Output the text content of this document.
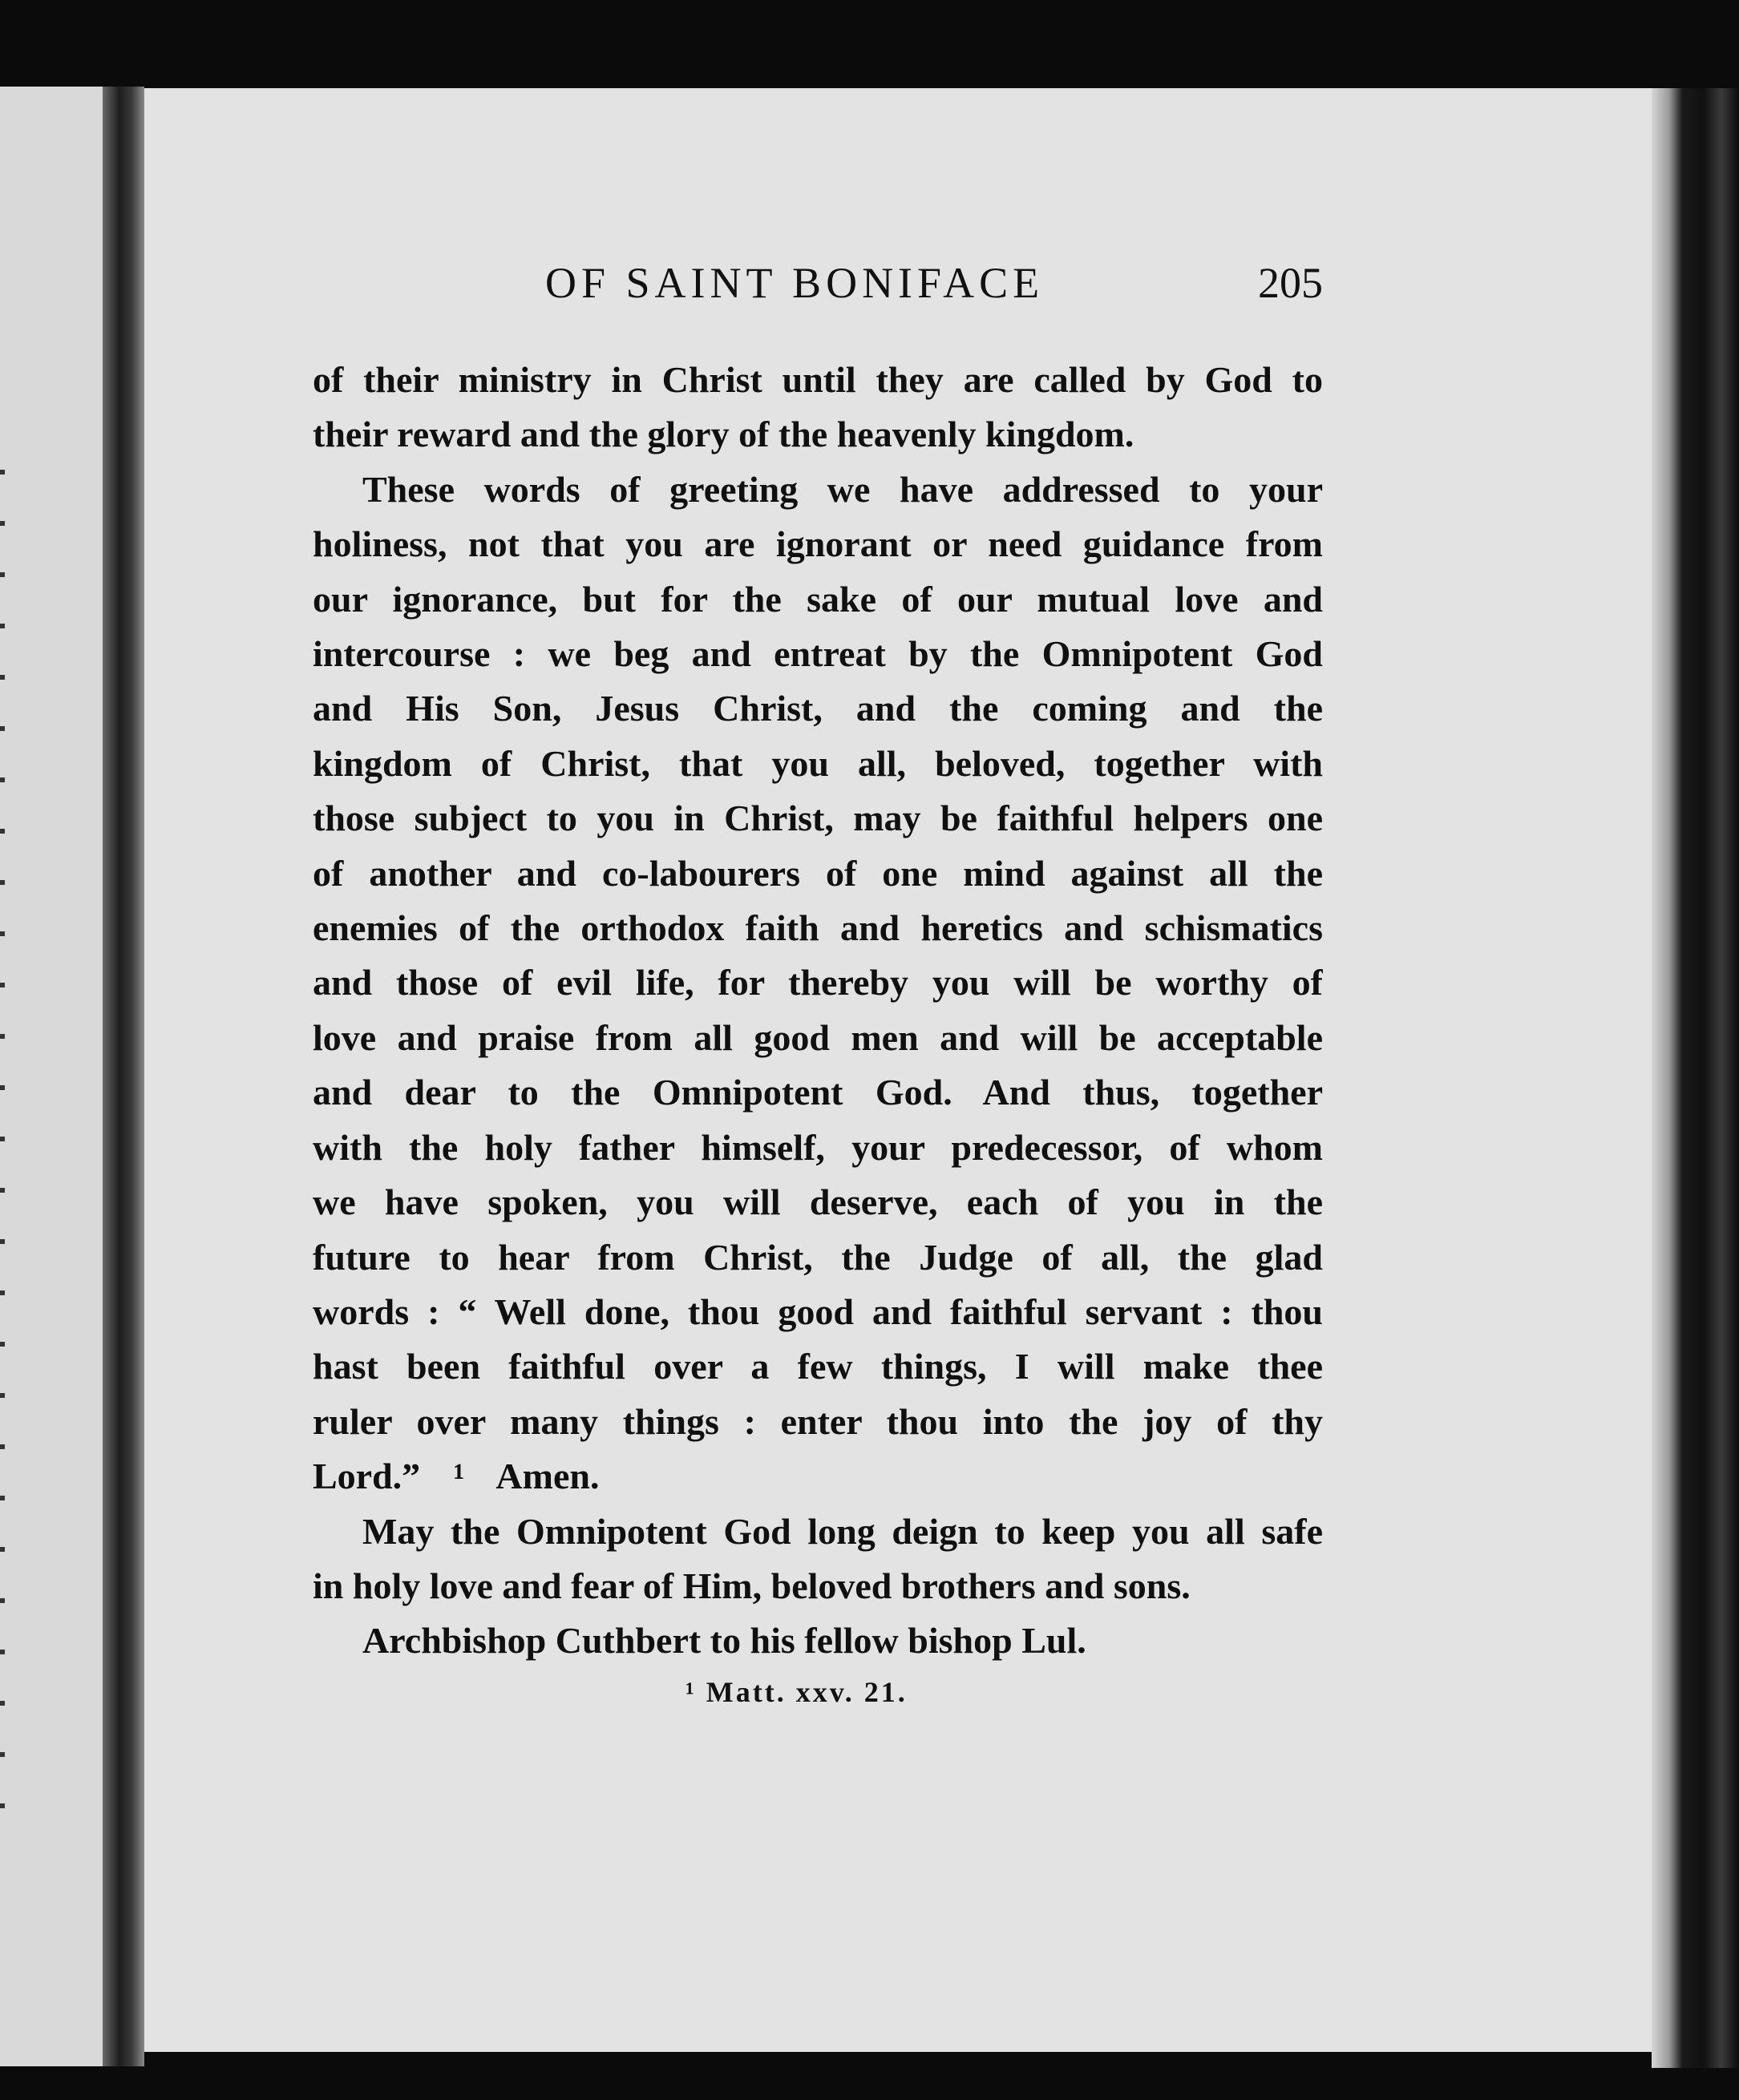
OF SAINT BONIFACE	205
of their ministry in Christ until they are called by God to
their reward and the glory of the heavenly kingdom.
These words of greeting we have addressed to your
holiness, not that you are ignorant or need guidance from
our ignorance, but for the sake of our mutual love and
intercourse : we beg and entreat by the Omnipotent God
and His Son, Jesus Christ, and the coming and the
kingdom of Christ, that you all, beloved, together with
those subject to you in Christ, may be faithful helpers one
of another and co-labourers of one mind against all the
enemies of the orthodox faith and heretics and schismatics
and those of evil life, for thereby you will be worthy of
love and praise from all good men and will be acceptable
and dear to the Omnipotent God. And thus, together
with the holy father himself, your predecessor, of whom
we have spoken, you will deserve, each of you in the
future to hear from Christ, the Judge of all, the glad
words : “ Well done, thou good and faithful servant : thou
hast been faithful over a few things, I will make thee
ruler over many things : enter thou into the joy of thy
Lord.” ¹ Amen.
May the Omnipotent God long deign to keep you all safe
in holy love and fear of Him, beloved brothers and sons.
Archbishop Cuthbert to his fellow bishop Lul.
¹ Matt. xxv. 21.
